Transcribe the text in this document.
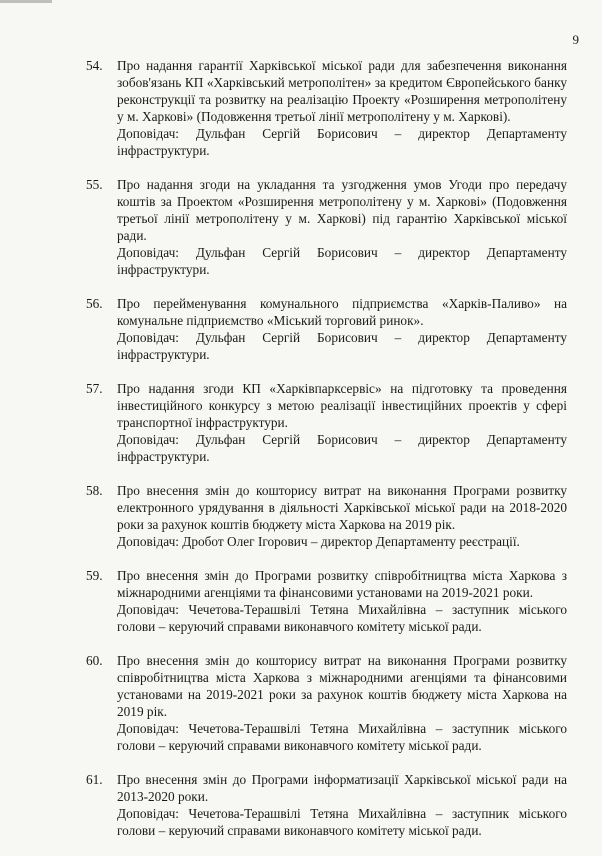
9
54. Про надання гарантії Харківської міської ради для забезпечення виконання зобов'язань КП «Харківський метрополітен» за кредитом Європейського банку реконструкції та розвитку на реалізацію Проекту «Розширення метрополітену у м. Харкові» (Подовження третьої лінії метрополітену у м. Харкові).

Доповідач: Дульфан Сергій Борисович – директор Департаменту інфраструктури.

55. Про надання згоди на укладання та узгодження умов Угоди про передачу коштів за Проектом «Розширення метрополітену у м. Харкові» (Подовження третьої лінії метрополітену у м. Харкові) під гарантію Харківської міської ради.

Доповідач: Дульфан Сергій Борисович – директор Департаменту інфраструктури.

56. Про перейменування комунального підприємства «Харків-Паливо» на комунальне підприємство «Міський торговий ринок».

Доповідач: Дульфан Сергій Борисович – директор Департаменту інфраструктури.

57. Про надання згоди КП «Харківпарксервіс» на підготовку та проведення інвестиційного конкурсу з метою реалізації інвестиційних проектів у сфері транспортної інфраструктури.

Доповідач: Дульфан Сергій Борисович – директор Департаменту інфраструктури.

58. Про внесення змін до кошторису витрат на виконання Програми розвитку електронного урядування в діяльності Харківської міської ради на 2018-2020 роки за рахунок коштів бюджету міста Харкова на 2019 рік.

Доповідач: Дробот Олег Ігорович – директор Департаменту реєстрації.

59. Про внесення змін до Програми розвитку співробітництва міста Харкова з міжнародними агенціями та фінансовими установами на 2019-2021 роки.

Доповідач: Чечетова-Терашвілі Тетяна Михайлівна – заступник міського голови – керуючий справами виконавчого комітету міської ради.

60. Про внесення змін до кошторису витрат на виконання Програми розвитку співробітництва міста Харкова з міжнародними агенціями та фінансовими установами на 2019-2021 роки за рахунок коштів бюджету міста Харкова на 2019 рік.

Доповідач: Чечетова-Терашвілі Тетяна Михайлівна – заступник міського голови – керуючий справами виконавчого комітету міської ради.

61. Про внесення змін до Програми інформатизації Харківської міської ради на 2013-2020 роки.

Доповідач: Чечетова-Терашвілі Тетяна Михайлівна – заступник міського голови – керуючий справами виконавчого комітету міської ради.
